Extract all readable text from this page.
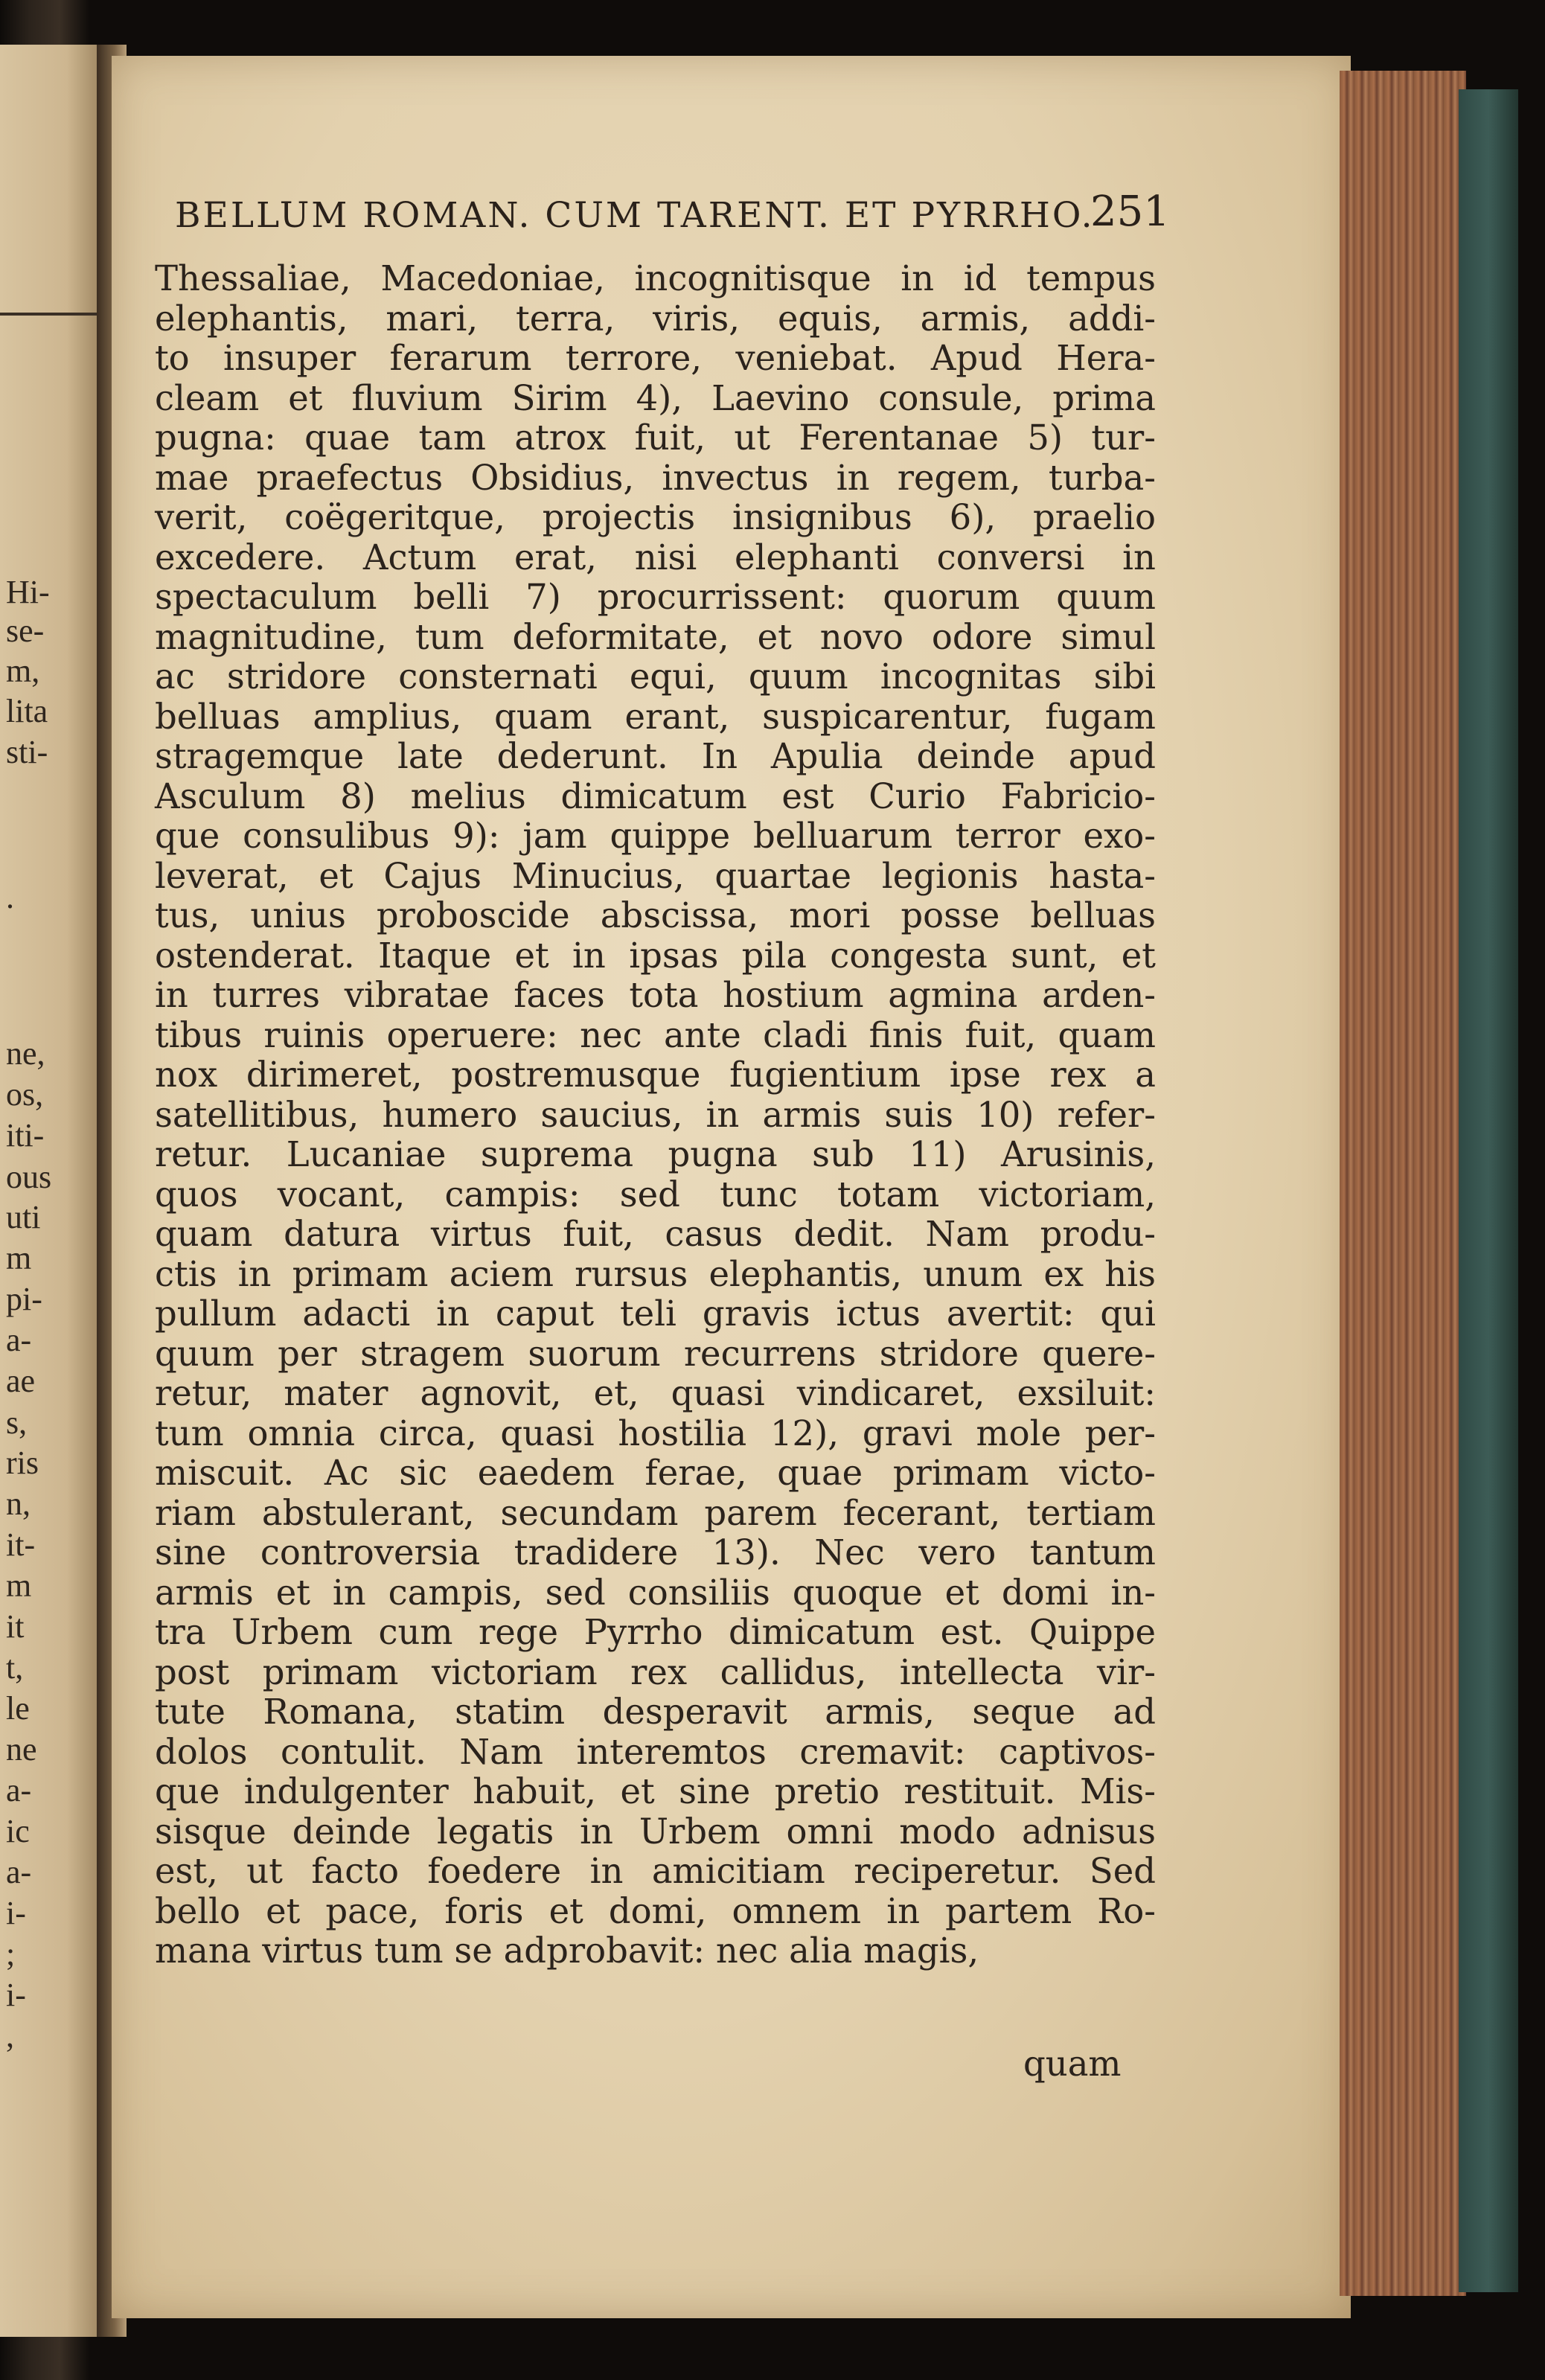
Hi-
se-
m,
lita
sti-
.
ne,
os,
iti-
ous
uti
m
pi-
a-
ae
s,
ris
n,
it-
m
it
t,
le
ne
a-
ic
a-
i-
;
i-
,
BELLUM ROMAN. CUM TARENT. ET PYRRHO.
251
Thessaliae, Macedoniae, incognitisque in id tempus
elephantis, mari, terra, viris, equis, armis, addi-
to insuper ferarum terrore, veniebat. Apud Hera-
cleam et fluvium Sirim 4), Laevino consule, prima
pugna: quae tam atrox fuit, ut Ferentanae 5) tur-
mae praefectus Obsidius, invectus in regem, turba-
verit, coëgeritque, projectis insignibus 6), praelio
excedere. Actum erat, nisi elephanti conversi in
spectaculum belli 7) procurrissent: quorum quum
magnitudine, tum deformitate, et novo odore simul
ac stridore consternati equi, quum incognitas sibi
belluas amplius, quam erant, suspicarentur, fugam
stragemque late dederunt. In Apulia deinde apud
Asculum 8) melius dimicatum est Curio Fabricio-
que consulibus 9): jam quippe belluarum terror exo-
leverat, et Cajus Minucius, quartae legionis hasta-
tus, unius proboscide abscissa, mori posse belluas
ostenderat. Itaque et in ipsas pila congesta sunt, et
in turres vibratae faces tota hostium agmina arden-
tibus ruinis operuere: nec ante cladi finis fuit, quam
nox dirimeret, postremusque fugientium ipse rex a
satellitibus, humero saucius, in armis suis 10) refer-
retur. Lucaniae suprema pugna sub 11) Arusinis,
quos vocant, campis: sed tunc totam victoriam,
quam datura virtus fuit, casus dedit. Nam produ-
ctis in primam aciem rursus elephantis, unum ex his
pullum adacti in caput teli gravis ictus avertit: qui
quum per stragem suorum recurrens stridore quere-
retur, mater agnovit, et, quasi vindicaret, exsiluit:
tum omnia circa, quasi hostilia 12), gravi mole per-
miscuit. Ac sic eaedem ferae, quae primam victo-
riam abstulerant, secundam parem fecerant, tertiam
sine controversia tradidere 13). Nec vero tantum
armis et in campis, sed consiliis quoque et domi in-
tra Urbem cum rege Pyrrho dimicatum est. Quippe
post primam victoriam rex callidus, intellecta vir-
tute Romana, statim desperavit armis, seque ad
dolos contulit. Nam interemtos cremavit: captivos-
que indulgenter habuit, et sine pretio restituit. Mis-
sisque deinde legatis in Urbem omni modo adnisus
est, ut facto foedere in amicitiam reciperetur. Sed
bello et pace, foris et domi, omnem in partem Ro-
mana virtus tum se adprobavit: nec alia magis,
quam
